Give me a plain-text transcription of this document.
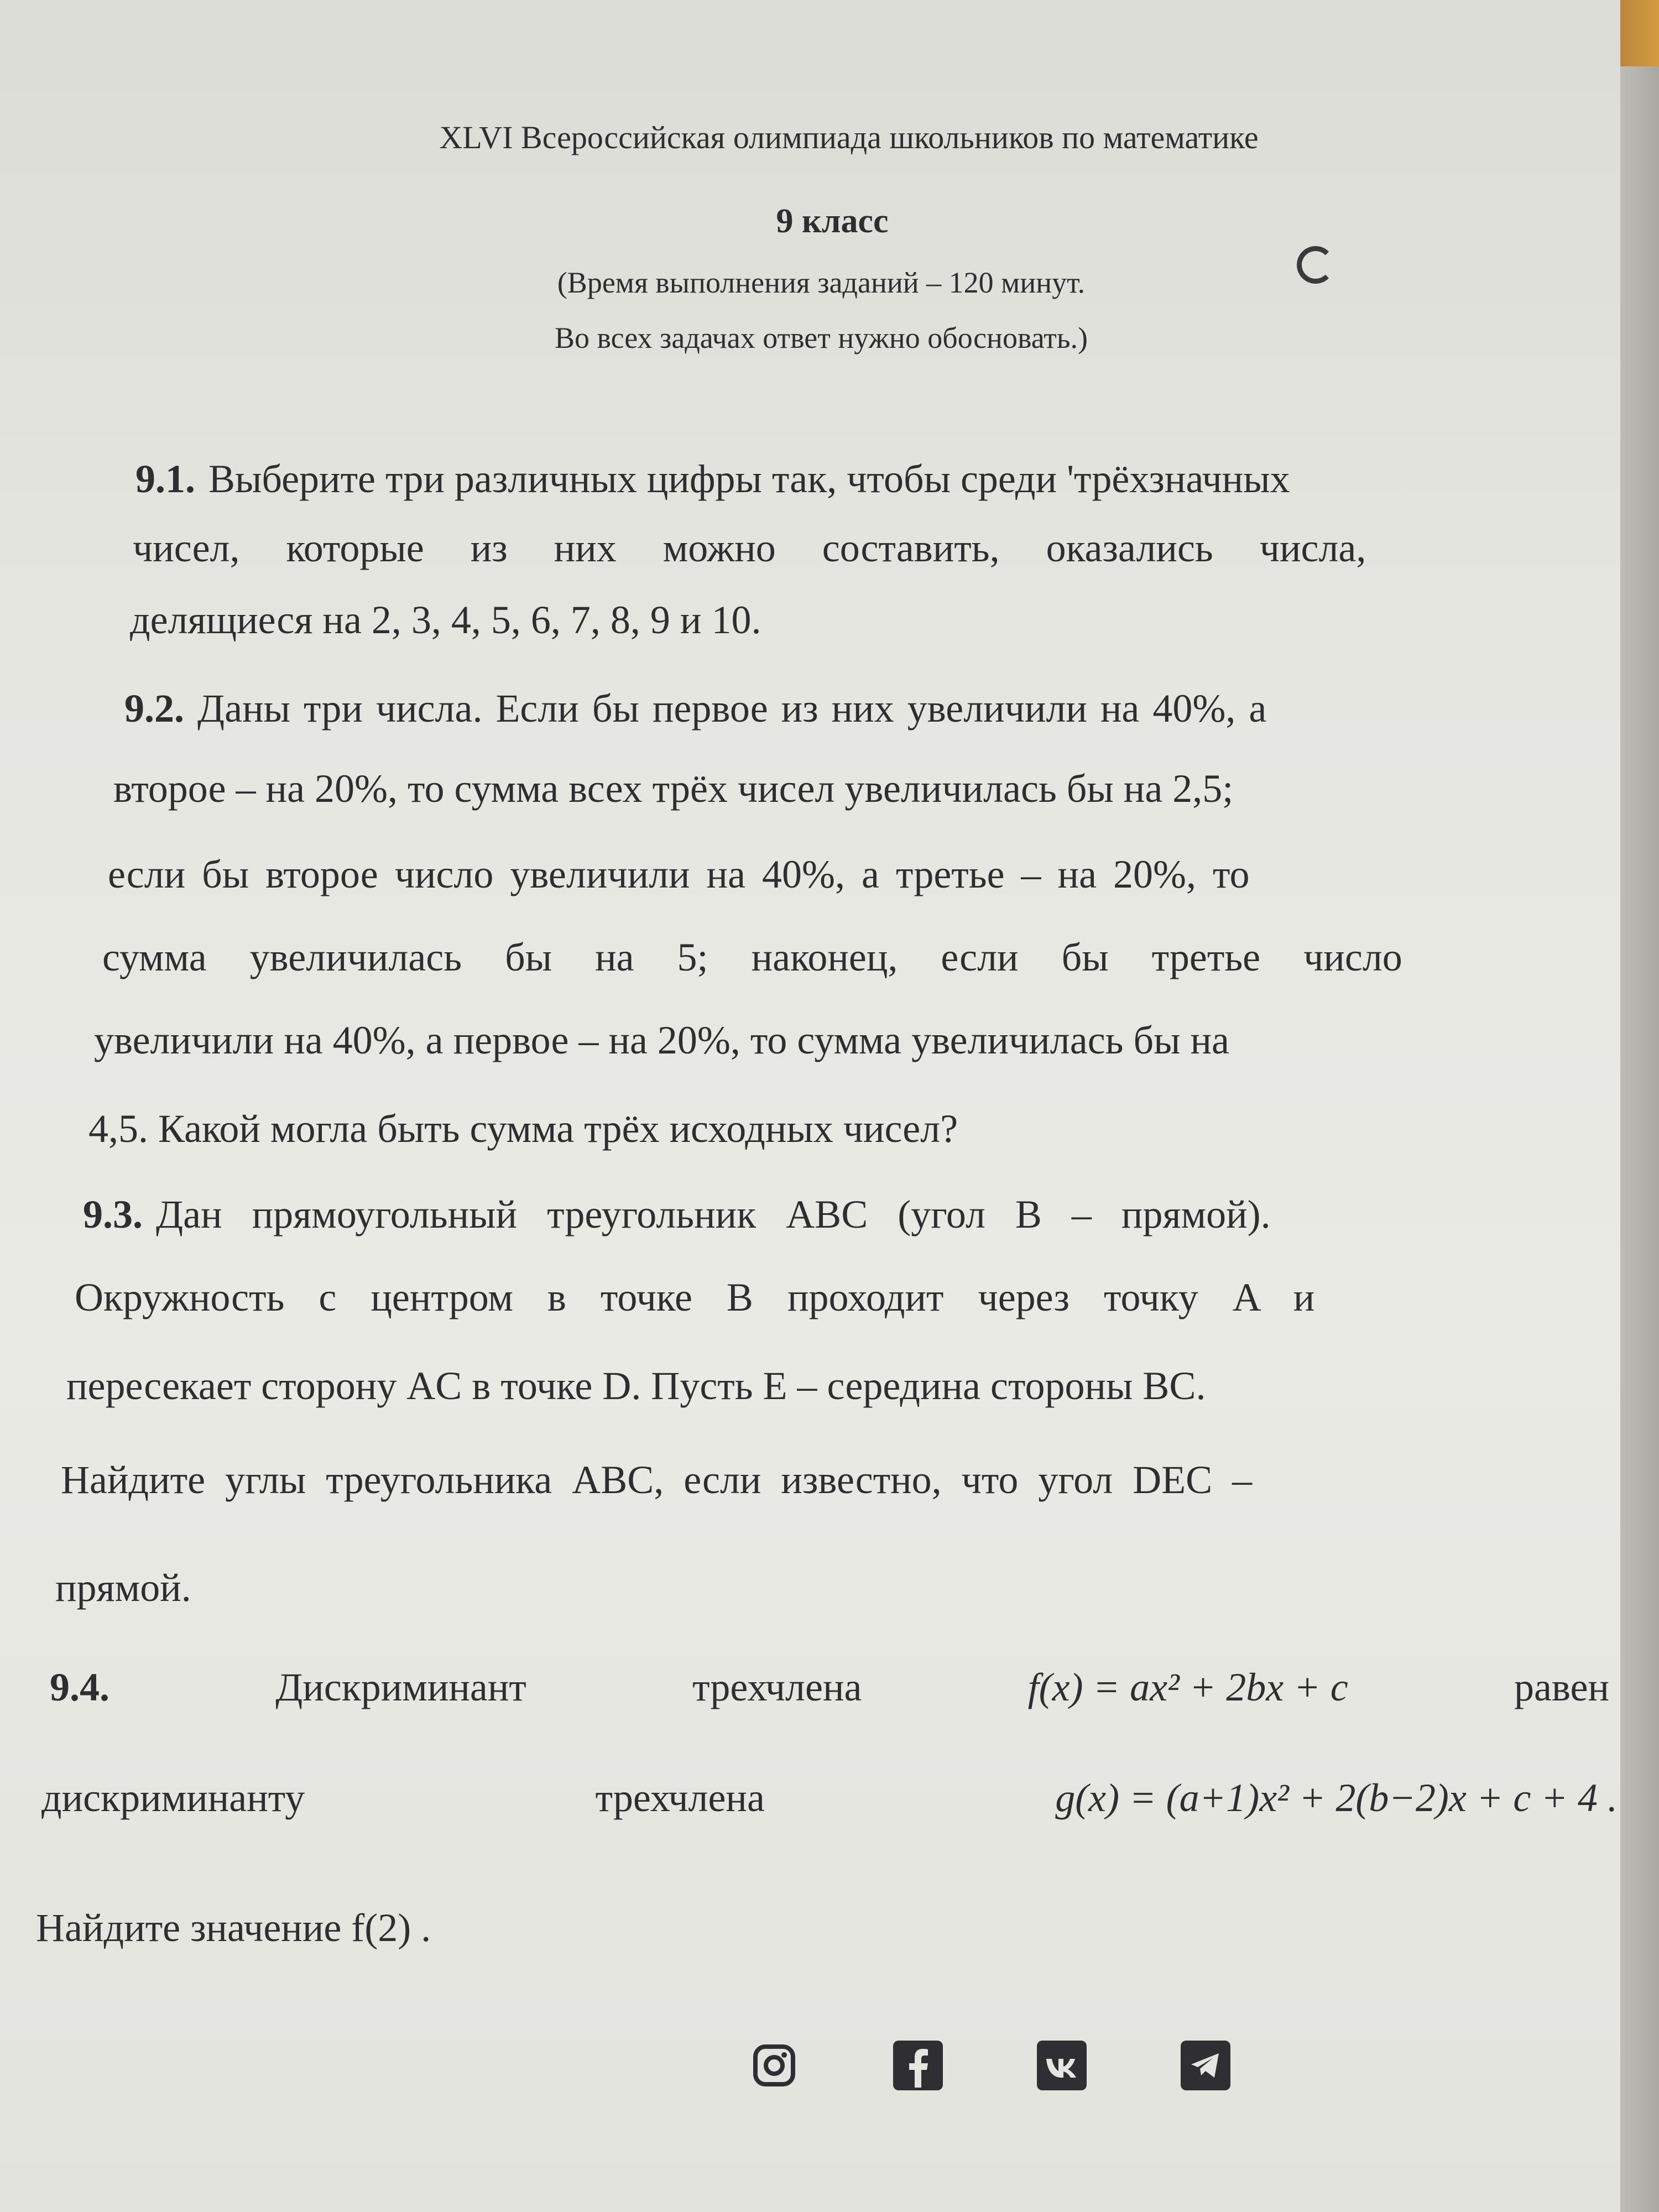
XLVI Всероссийская олимпиада школьников по математике
9 класс
(Время выполнения заданий – 120 минут.
Во всех задачах ответ нужно обосновать.)
9.1. Выберите три различных цифры так, чтобы среди 'трёхзначных
чисел, которые из них можно составить, оказались числа,
делящиеся на 2, 3, 4, 5, 6, 7, 8, 9 и 10.
9.2. Даны три числа. Если бы первое из них увеличили на 40%, а
второе – на 20%, то сумма всех трёх чисел увеличилась бы на 2,5;
если бы второе число увеличили на 40%, а третье – на 20%, то
сумма увеличилась бы на 5; наконец, если бы третье число
увеличили на 40%, а первое – на 20%, то сумма увеличилась бы на
4,5. Какой могла быть сумма трёх исходных чисел?
9.3. Дан прямоугольный треугольник ABC (угол B – прямой).
Окружность с центром в точке B проходит через точку A и
пересекает сторону AC в точке D. Пусть E – середина стороны BC.
Найдите углы треугольника ABC, если известно, что угол DEC –
прямой.
9.4.	Дискриминант	трехчлена	f(x) = ax² + 2bx + c	равен
дискриминанту	трехчлена	g(x) = (a+1)x² + 2(b−2)x + c + 4 .
Найдите значение f(2) .
